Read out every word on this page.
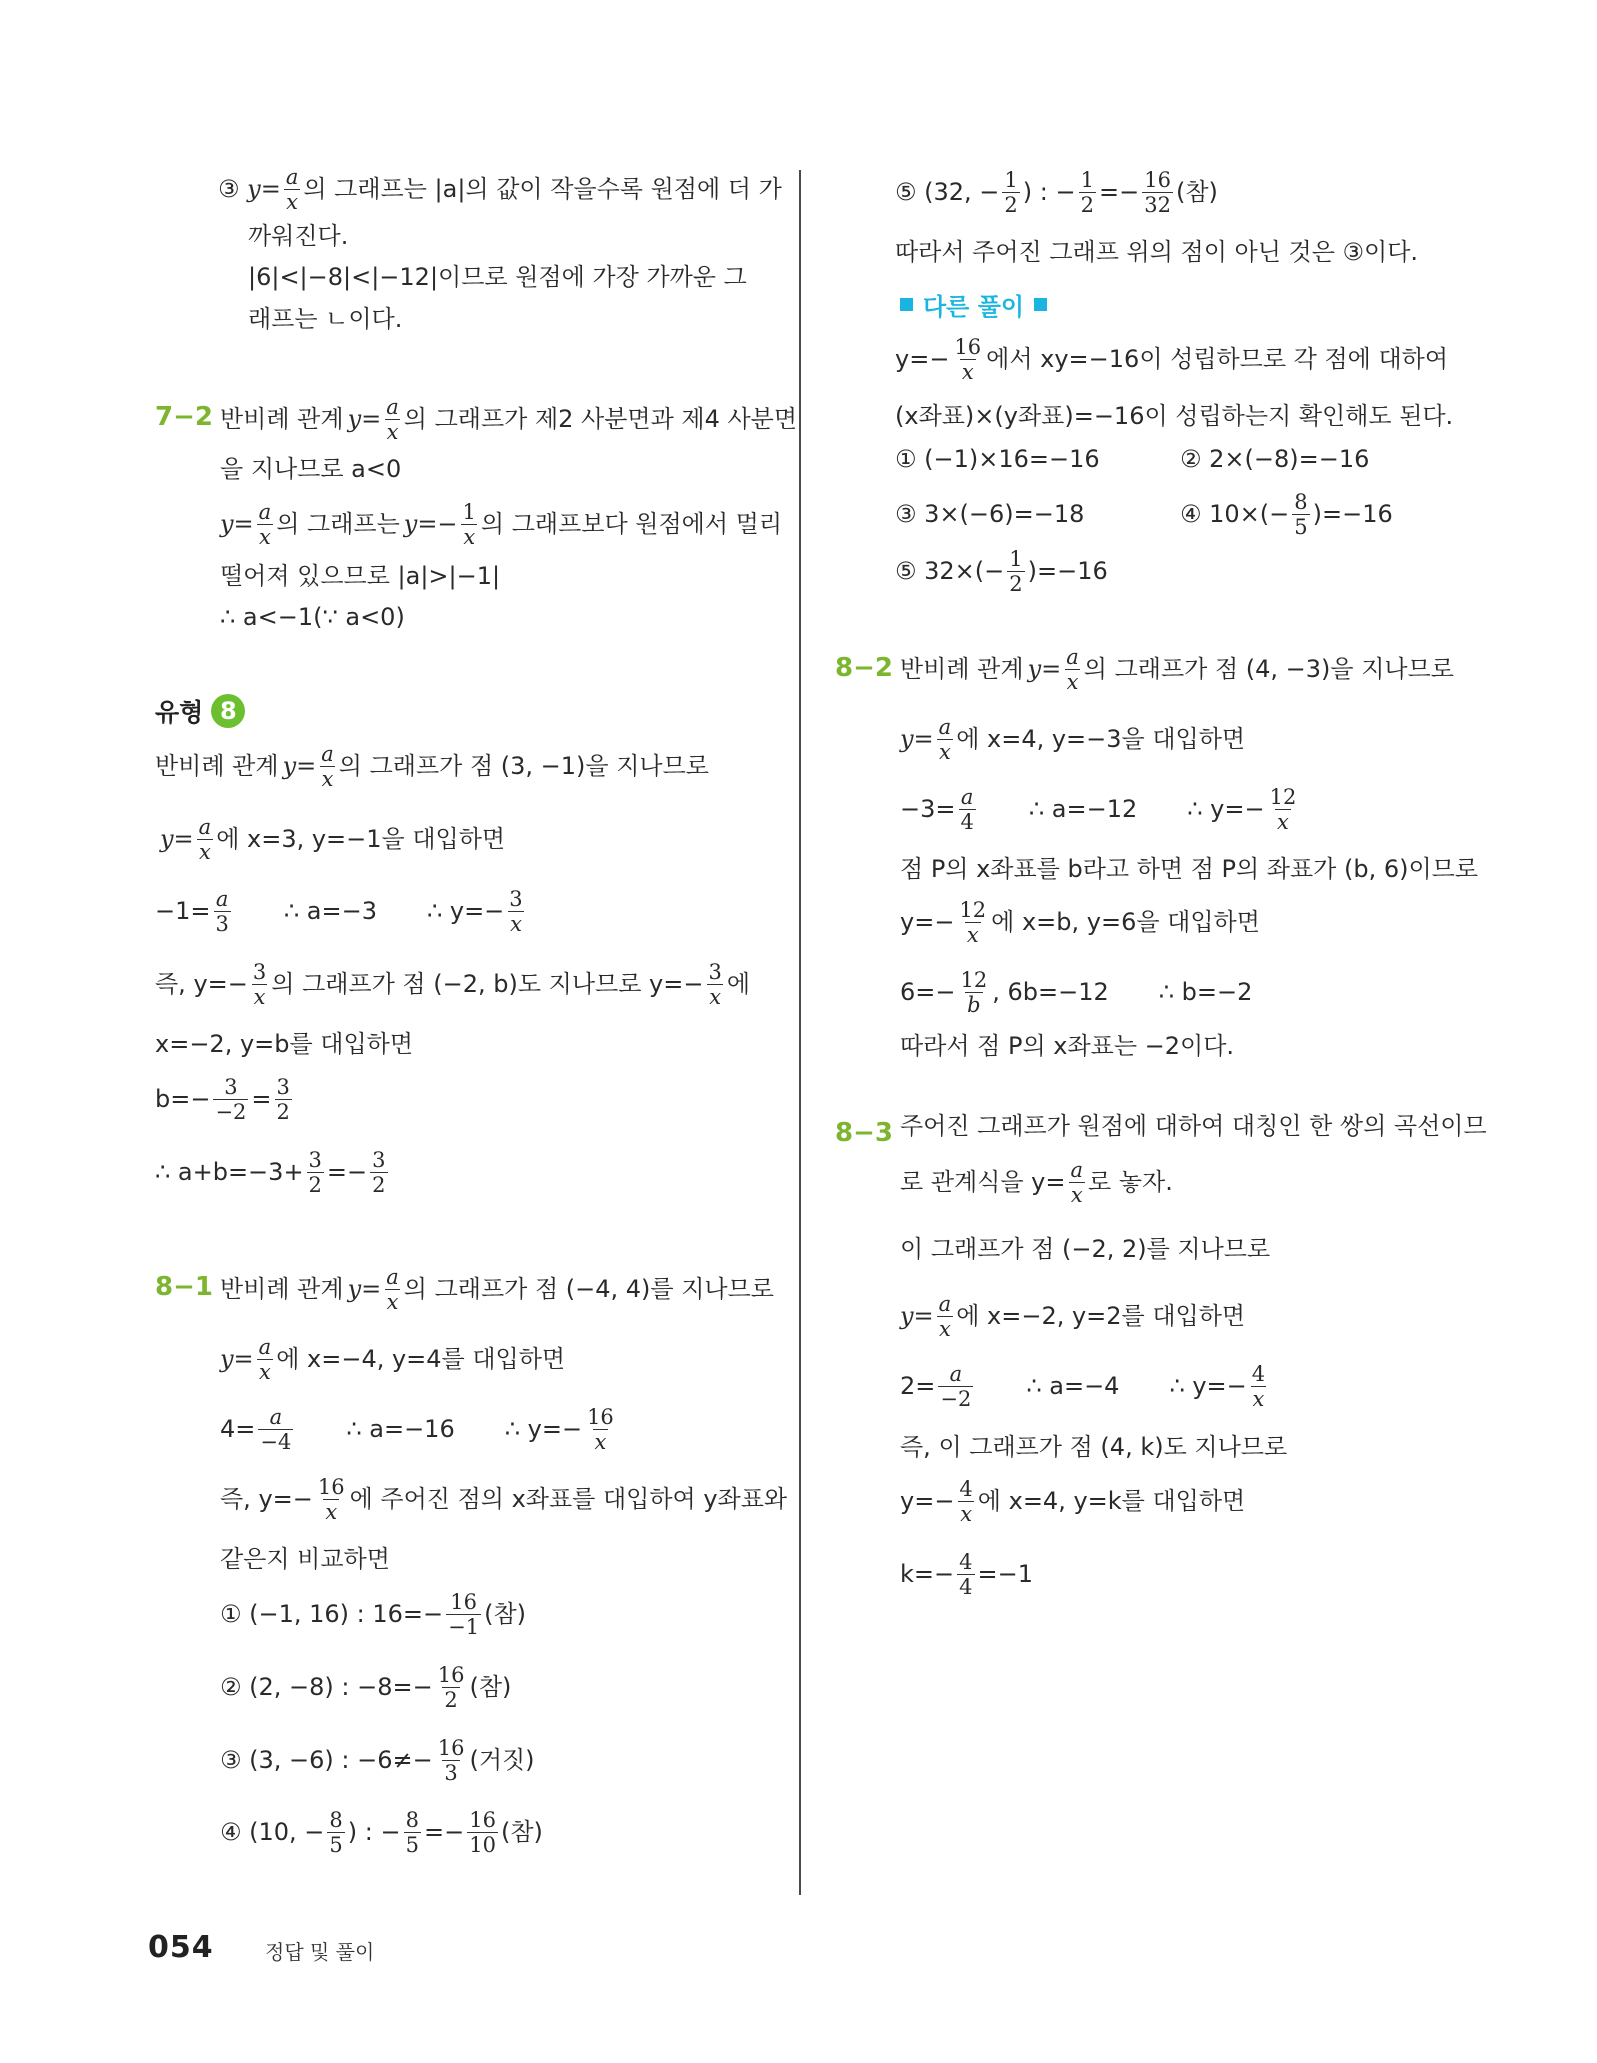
③ $y= \frac{a}{x}$ 의 그래프는 |a|의 값이 작을수록 원점에 더 가
까워진다.
|6|<|−8|<|−12|이므로 원점에 가장 가까운 그
래프는 ㄴ이다.
7−2 반비례 관계 $y= \frac{a}{x}$ 의 그래프가 제2 사분면과 제4 사분면
을 지나므로 a<0
$y= \frac{a}{x}$ 의 그래프는 $y=- \frac{1}{x}$ 의 그래프보다 원점에서 멀리
떨어져 있으므로 |a|>|−1|
∴ a<−1(∵ a<0)
유형 8
반비례 관계 $y= \frac{a}{x}$ 의 그래프가 점 (3, −1)을 지나므로
$y= \frac{a}{x}$ 에 x=3, y=−1을 대입하면
$-1= \frac{a}{3}$ ∴ a=−3 ∴ $y=- \frac{3}{x}$
즉, $y=- \frac{3}{x}$ 의 그래프가 점 (−2, b)도 지나므로 $y=- \frac{3}{x}$ 에
x=−2, y=b를 대입하면
$b=- \frac{3}{-2} = \frac{3}{2}$
∴ $a+b=-3+ \frac{3}{2} =- \frac{3}{2}$
8−1 반비례 관계 $y= \frac{a}{x}$ 의 그래프가 점 (−4, 4)를 지나므로
$y= \frac{a}{x}$ 에 x=−4, y=4를 대입하면
$4= \frac{a}{-4}$ ∴ a=−16 ∴ $y=- \frac{16}{x}$
즉, $y=- \frac{16}{x}$ 에 주어진 점의 x좌표를 대입하여 y좌표와
같은지 비교하면
① (−1, 16) : $16=- \frac{16}{-1}$ (참)
② (2, −8) : $-8=- \frac{16}{2}$ (참)
③ (3, −6) : $-6\ne- \frac{16}{3}$ (거짓)
④ (10, − $\frac{8}{5}$ ) : − $\frac{8}{5} =- \frac{16}{10}$ (참)
⑤ (32, − $\frac{1}{2}$ ) : − $\frac{1}{2} =- \frac{16}{32}$ (참)
따라서 주어진 그래프 위의 점이 아닌 것은 ③이다.
다른 풀이
$y=- \frac{16}{x}$ 에서 xy=−16이 성립하므로 각 점에 대하여
(x좌표)×(y좌표)=−16이 성립하는지 확인해도 된다.
① (−1)×16=−16	② 2×(−8)=−16
③ 3×(−6)=−18	④ $10\times(- \frac{8}{5} )=-16$
⑤ $32\times(- \frac{1}{2} )=-16$
8−2 반비례 관계 $y= \frac{a}{x}$ 의 그래프가 점 (4, −3)을 지나므로
$y= \frac{a}{x}$ 에 x=4, y=−3을 대입하면
$-3= \frac{a}{4}$ ∴ a=−12 ∴ $y=- \frac{12}{x}$
점 P의 x좌표를 b라고 하면 점 P의 좌표가 (b, 6)이므로
$y=- \frac{12}{x}$ 에 x=b, y=6을 대입하면
$6=- \frac{12}{b}$ , 6b=−12 ∴ b=−2
따라서 점 P의 x좌표는 −2이다.
8−3 주어진 그래프가 원점에 대하여 대칭인 한 쌍의 곡선이므
로 관계식을 $y= \frac{a}{x}$ 로 놓자.
이 그래프가 점 (−2, 2)를 지나므로
$y= \frac{a}{x}$ 에 x=−2, y=2를 대입하면
$2= \frac{a}{-2}$ ∴ a=−4 ∴ $y=- \frac{4}{x}$
즉, 이 그래프가 점 (4, k)도 지나므로
$y=- \frac{4}{x}$ 에 x=4, y=k를 대입하면
$k=- \frac{4}{4} =-1$
054	정답 및 풀이
